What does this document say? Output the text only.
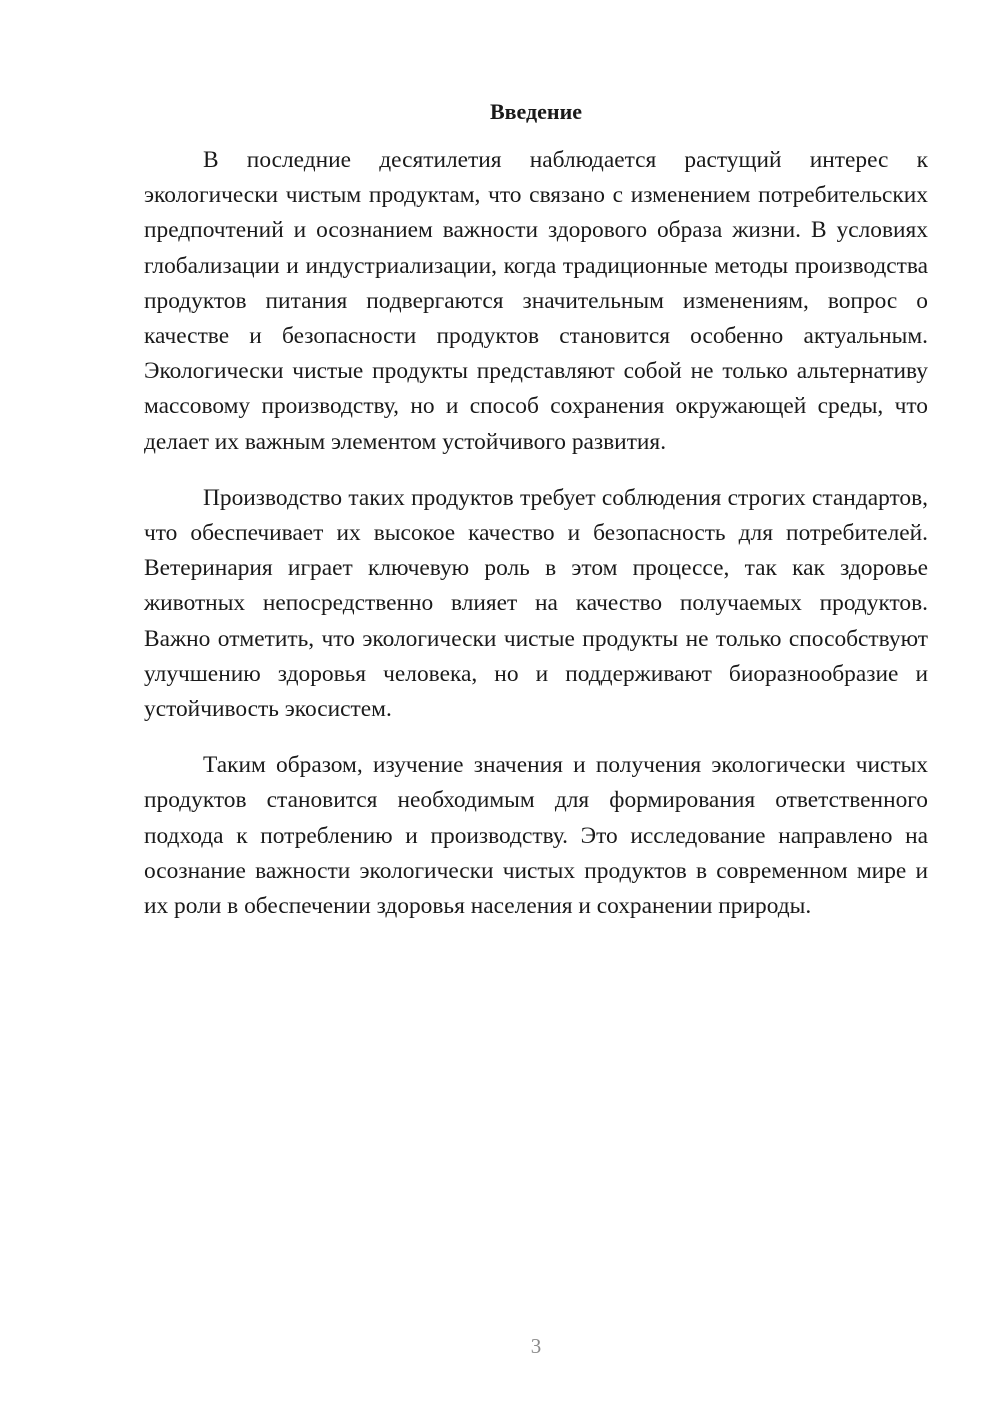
Введение

В последние десятилетия наблюдается растущий интерес к экологически чистым продуктам, что связано с изменением потребительских предпочтений и осознанием важности здорового образа жизни. В условиях глобализации и индустриализации, когда традиционные методы производства продуктов питания подвергаются значительным изменениям, вопрос о качестве и безопасности продуктов становится особенно актуальным. Экологически чистые продукты представляют собой не только альтернативу массовому производству, но и способ сохранения окружающей среды, что делает их важным элементом устойчивого развития.

Производство таких продуктов требует соблюдения строгих стандартов, что обеспечивает их высокое качество и безопасность для потребителей. Ветеринария играет ключевую роль в этом процессе, так как здоровье животных непосредственно влияет на качество получаемых продуктов. Важно отметить, что экологически чистые продукты не только способствуют улучшению здоровья человека, но и поддерживают биоразнообразие и устойчивость экосистем.

Таким образом, изучение значения и получения экологически чистых продуктов становится необходимым для формирования ответственного подхода к потреблению и производству. Это исследование направлено на осознание важности экологически чистых продуктов в современном мире и их роли в обеспечении здоровья населения и сохранении природы.

3
